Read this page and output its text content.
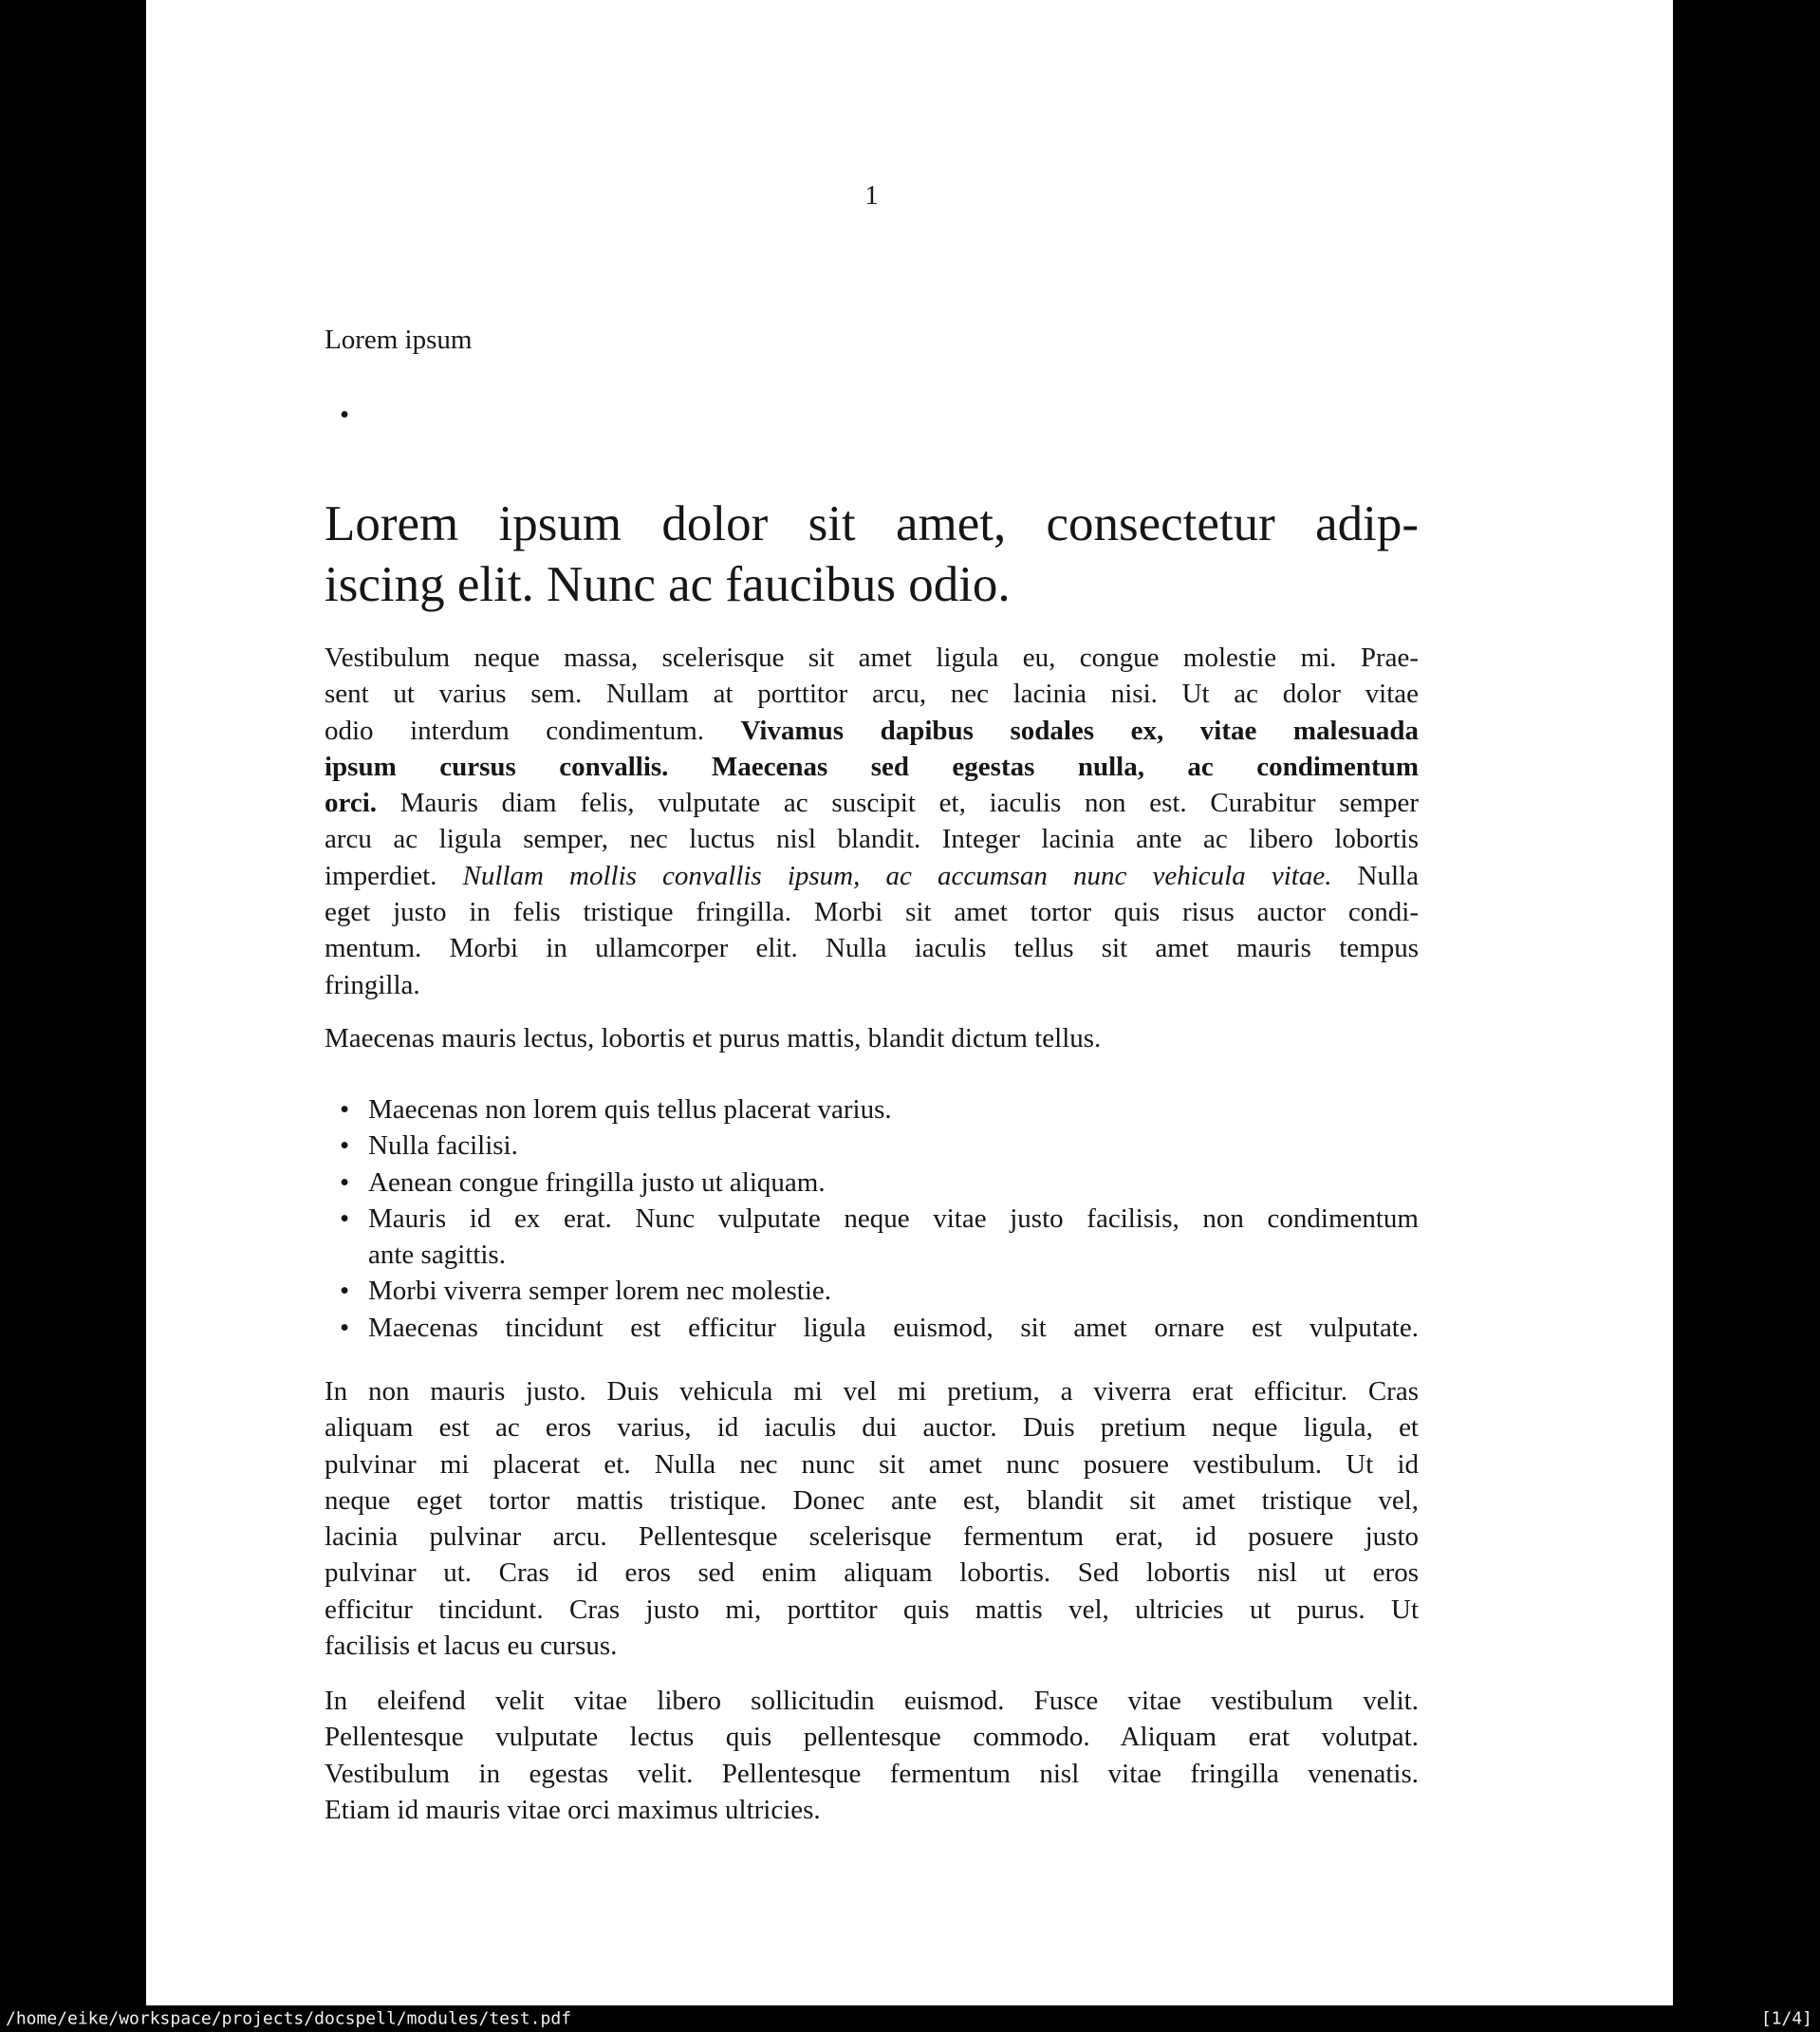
1
Lorem ipsum
•
Lorem ipsum dolor sit amet, consectetur adip-
iscing elit. Nunc ac faucibus odio.
Vestibulum neque massa, scelerisque sit amet ligula eu, congue molestie mi. Prae-
sent ut varius sem. Nullam at porttitor arcu, nec lacinia nisi. Ut ac dolor vitae
odio interdum condimentum. Vivamus dapibus sodales ex, vitae malesuada
ipsum cursus convallis. Maecenas sed egestas nulla, ac condimentum
orci. Mauris diam felis, vulputate ac suscipit et, iaculis non est. Curabitur semper
arcu ac ligula semper, nec luctus nisl blandit. Integer lacinia ante ac libero lobortis
imperdiet. Nullam mollis convallis ipsum, ac accumsan nunc vehicula vitae. Nulla
eget justo in felis tristique fringilla. Morbi sit amet tortor quis risus auctor condi-
mentum. Morbi in ullamcorper elit. Nulla iaculis tellus sit amet mauris tempus
fringilla.
Maecenas mauris lectus, lobortis et purus mattis, blandit dictum tellus.
Maecenas non lorem quis tellus placerat varius.
•
Nulla facilisi.
•
Aenean congue fringilla justo ut aliquam.
•
Mauris id ex erat. Nunc vulputate neque vitae justo facilisis, non condimentum
•
ante sagittis.
Morbi viverra semper lorem nec molestie.
•
Maecenas tincidunt est efficitur ligula euismod, sit amet ornare est vulputate.
•
In non mauris justo. Duis vehicula mi vel mi pretium, a viverra erat efficitur. Cras
aliquam est ac eros varius, id iaculis dui auctor. Duis pretium neque ligula, et
pulvinar mi placerat et. Nulla nec nunc sit amet nunc posuere vestibulum. Ut id
neque eget tortor mattis tristique. Donec ante est, blandit sit amet tristique vel,
lacinia pulvinar arcu. Pellentesque scelerisque fermentum erat, id posuere justo
pulvinar ut. Cras id eros sed enim aliquam lobortis. Sed lobortis nisl ut eros
efficitur tincidunt. Cras justo mi, porttitor quis mattis vel, ultricies ut purus. Ut
facilisis et lacus eu cursus.
In eleifend velit vitae libero sollicitudin euismod. Fusce vitae vestibulum velit.
Pellentesque vulputate lectus quis pellentesque commodo. Aliquam erat volutpat.
Vestibulum in egestas velit. Pellentesque fermentum nisl vitae fringilla venenatis.
Etiam id mauris vitae orci maximus ultricies.
/home/eike/workspace/projects/docspell/modules/test.pdf	[1/4]
